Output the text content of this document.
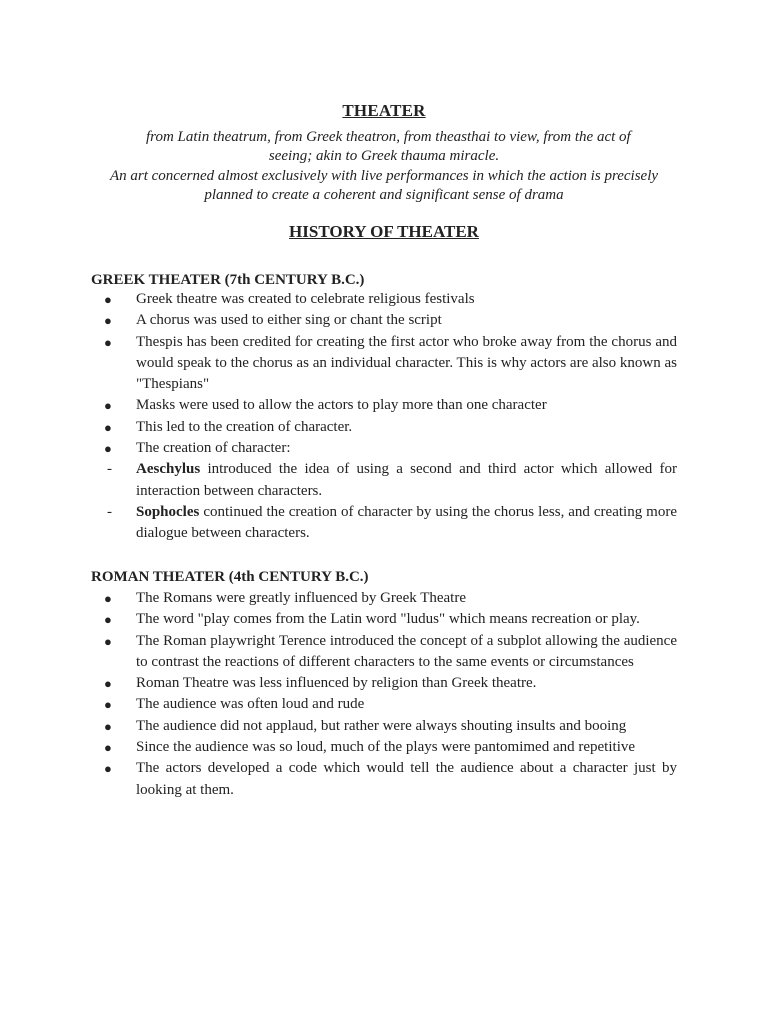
THEATER
from Latin theatrum, from Greek theatron, from theasthai to view, from the act of
seeing; akin to Greek thauma miracle.
An art concerned almost exclusively with live performances in which the action is precisely
planned to create a coherent and significant sense of drama
HISTORY OF THEATER
GREEK THEATER (7th CENTURY B.C.)
● Greek theatre was created to celebrate religious festivals
● A chorus was used to either sing or chant the script
● Thespis has been credited for creating the first actor who broke away from the chorus and would speak to the chorus as an individual character. This is why actors are also known as "Thespians"
● Masks were used to allow the actors to play more than one character
● This led to the creation of character.
● The creation of character:
- Aeschylus introduced the idea of using a second and third actor which allowed for interaction between characters.
- Sophocles continued the creation of character by using the chorus less, and creating more dialogue between characters.
ROMAN THEATER (4th CENTURY B.C.)
● The Romans were greatly influenced by Greek Theatre
● The word "play comes from the Latin word "ludus" which means recreation or play.
● The Roman playwright Terence introduced the concept of a subplot allowing the audience to contrast the reactions of different characters to the same events or circumstances
● Roman Theatre was less influenced by religion than Greek theatre.
● The audience was often loud and rude
● The audience did not applaud, but rather were always shouting insults and booing
● Since the audience was so loud, much of the plays were pantomimed and repetitive
● The actors developed a code which would tell the audience about a character just by looking at them.
